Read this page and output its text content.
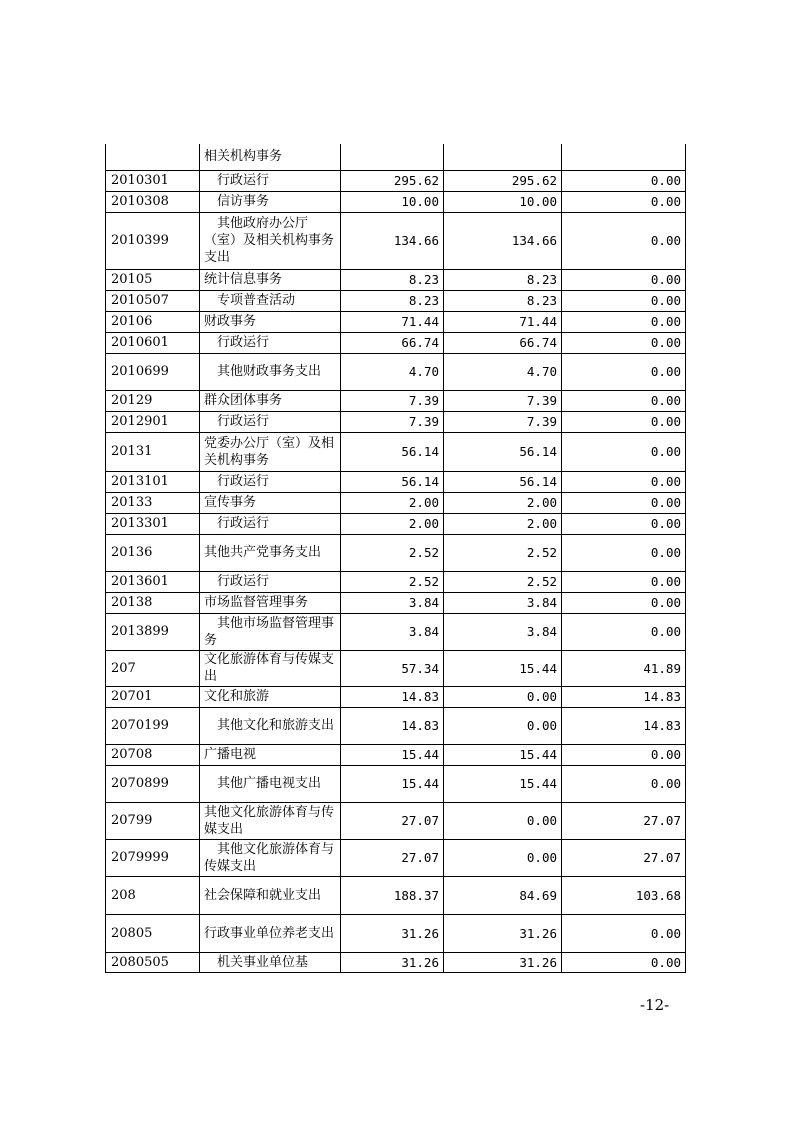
	相关机构事务			
2010301	行政运行	295.62	295.62	0.00
2010308	信访事务	10.00	10.00	0.00
2010399	其他政府办公厅（室）及相关机构事务支出	134.66	134.66	0.00
20105	统计信息事务	8.23	8.23	0.00
2010507	专项普查活动	8.23	8.23	0.00
20106	财政事务	71.44	71.44	0.00
2010601	行政运行	66.74	66.74	0.00
2010699	其他财政事务支出	4.70	4.70	0.00
20129	群众团体事务	7.39	7.39	0.00
2012901	行政运行	7.39	7.39	0.00
20131	党委办公厅（室）及相关机构事务	56.14	56.14	0.00
2013101	行政运行	56.14	56.14	0.00
20133	宣传事务	2.00	2.00	0.00
2013301	行政运行	2.00	2.00	0.00
20136	其他共产党事务支出	2.52	2.52	0.00
2013601	行政运行	2.52	2.52	0.00
20138	市场监督管理事务	3.84	3.84	0.00
2013899	其他市场监督管理事务	3.84	3.84	0.00
207	文化旅游体育与传媒支出	57.34	15.44	41.89
20701	文化和旅游	14.83	0.00	14.83
2070199	其他文化和旅游支出	14.83	0.00	14.83
20708	广播电视	15.44	15.44	0.00
2070899	其他广播电视支出	15.44	15.44	0.00
20799	其他文化旅游体育与传媒支出	27.07	0.00	27.07
2079999	其他文化旅游体育与传媒支出	27.07	0.00	27.07
208	社会保障和就业支出	188.37	84.69	103.68
20805	行政事业单位养老支出	31.26	31.26	0.00
2080505	机关事业单位基	31.26	31.26	0.00
-12-
